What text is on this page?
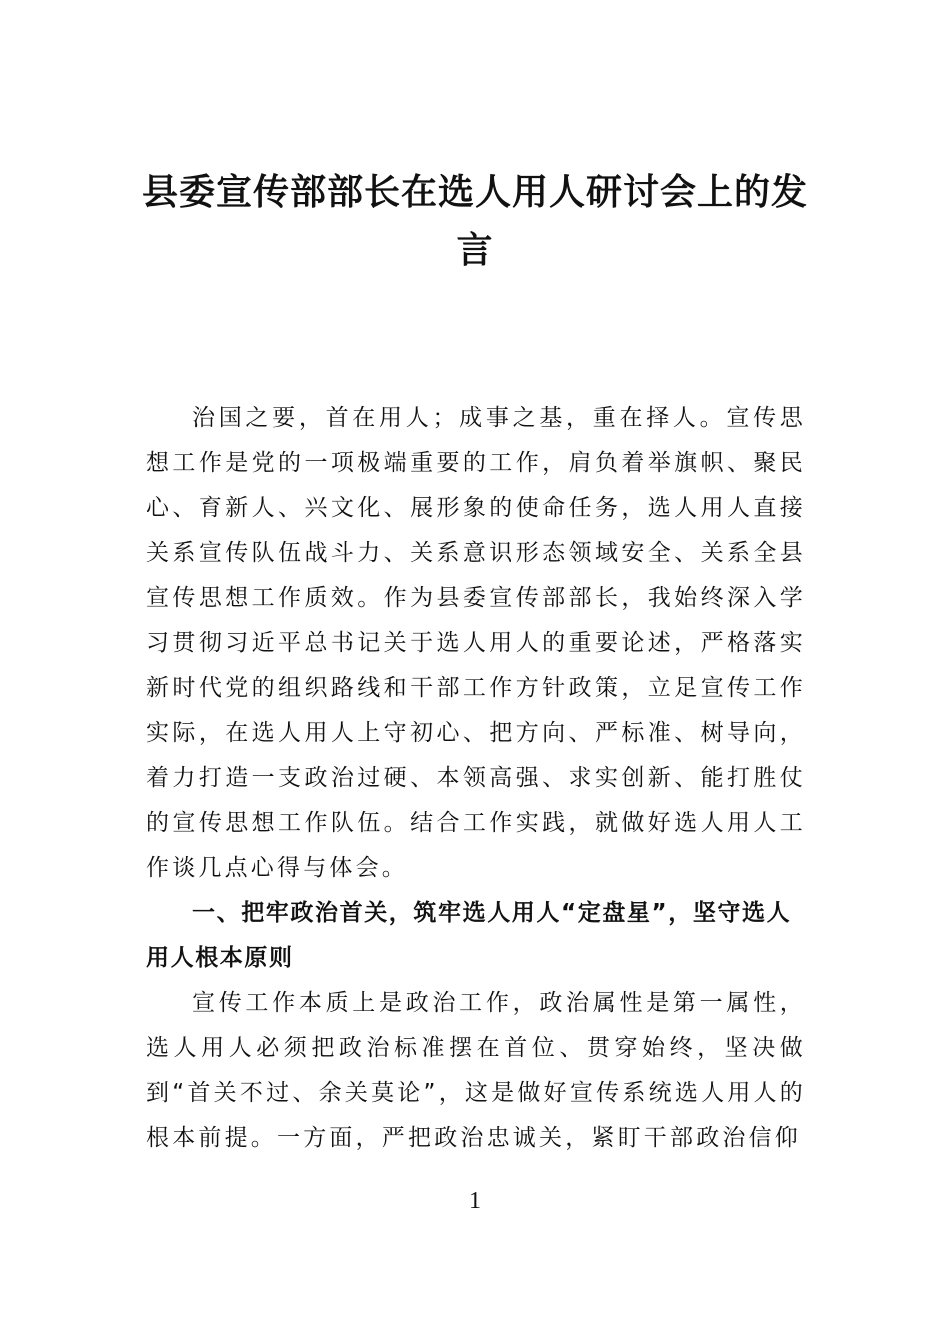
县委宣传部部长在选人用人研讨会上的发
言

治国之要，首在用人；成事之基，重在择人。宣传思想工作是党的一项极端重要的工作，肩负着举旗帜、聚民心、育新人、兴文化、展形象的使命任务，选人用人直接关系宣传队伍战斗力、关系意识形态领域安全、关系全县宣传思想工作质效。作为县委宣传部部长，我始终深入学习贯彻习近平总书记关于选人用人的重要论述，严格落实新时代党的组织路线和干部工作方针政策，立足宣传工作实际，在选人用人上守初心、把方向、严标准、树导向，着力打造一支政治过硬、本领高强、求实创新、能打胜仗的宣传思想工作队伍。结合工作实践，就做好选人用人工作谈几点心得与体会。

一、把牢政治首关，筑牢选人用人“定盘星”，坚守选人用人根本原则

宣传工作本质上是政治工作，政治属性是第一属性，选人用人必须把政治标准摆在首位、贯穿始终，坚决做到“首关不过、余关莫论”，这是做好宣传系统选人用人的根本前提。一方面，严把政治忠诚关，紧盯干部政治信仰

1
